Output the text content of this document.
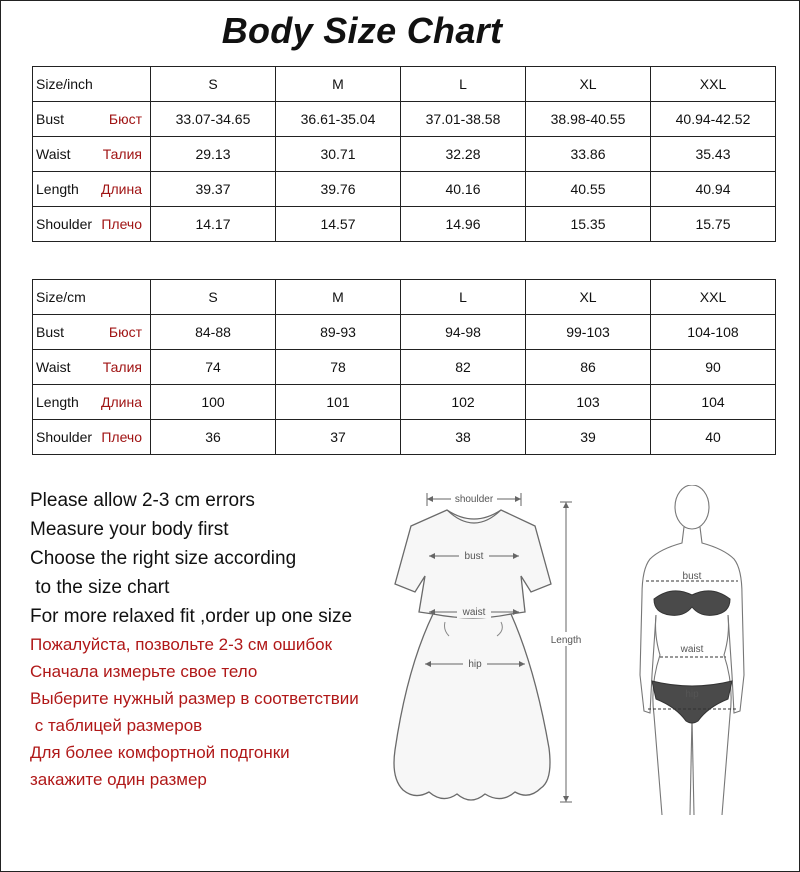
Body Size Chart
Size/inch	S	M	L	XL	XXL

Bust Бюст	33.07-34.65	36.61-35.04	37.01-38.58	38.98-40.55	40.94-42.52

Waist Талия	29.13	30.71	32.28	33.86	35.43

Length Длина	39.37	39.76	40.16	40.55	40.94

Shoulder Плечо	14.17	14.57	14.96	15.35	15.75
Size/cm	S	M	L	XL	XXL

Bust Бюст	84-88	89-93	94-98	99-103	104-108

Waist Талия	74	78	82	86	90

Length Длина	100	101	102	103	104

Shoulder Плечо	36	37	38	39	40
Please allow 2-3 cm errors
Measure your body first
Choose the right size according
to the size chart
For more relaxed fit ,order up one size
Пожалуйста, позвольте 2-3 см ошибок
Сначала измерьте свое тело
Выберите нужный размер в соответствии
с таблицей размеров
Для более комфортной подгонки
закажите один размер
shoulder
bust
waist
hip
Length
bust
waist
hip
